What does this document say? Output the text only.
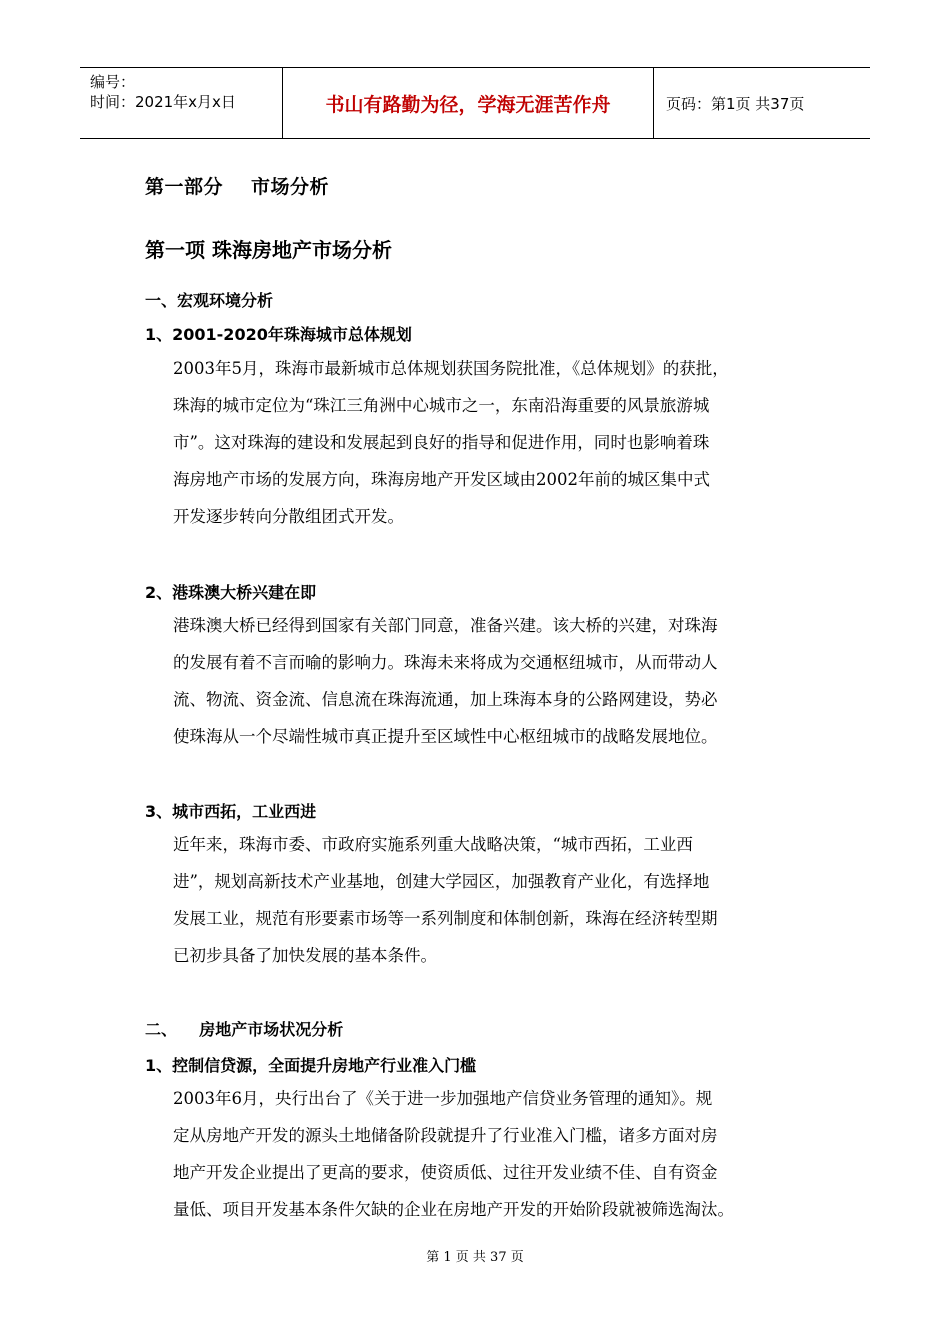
编号：
时间：2021年x月x日	书山有路勤为径，学海无涯苦作舟	页码：第1页 共37页
第一部分 市场分析
第一项 珠海房地产市场分析
一、宏观环境分析
1、2001-2020年珠海城市总体规划
2003年5月，珠海市最新城市总体规划获国务院批准，《总体规划》的获批，
珠海的城市定位为“珠江三角洲中心城市之一，东南沿海重要的风景旅游城
市”。这对珠海的建设和发展起到良好的指导和促进作用，同时也影响着珠
海房地产市场的发展方向，珠海房地产开发区域由2002年前的城区集中式
开发逐步转向分散组团式开发。
2、港珠澳大桥兴建在即
港珠澳大桥已经得到国家有关部门同意，准备兴建。该大桥的兴建，对珠海
的发展有着不言而喻的影响力。珠海未来将成为交通枢纽城市，从而带动人
流、物流、资金流、信息流在珠海流通，加上珠海本身的公路网建设，势必
使珠海从一个尽端性城市真正提升至区域性中心枢纽城市的战略发展地位。
3、城市西拓，工业西进
近年来，珠海市委、市政府实施系列重大战略决策，“城市西拓，工业西
进”，规划高新技术产业基地，创建大学园区，加强教育产业化，有选择地
发展工业，规范有形要素市场等一系列制度和体制创新，珠海在经济转型期
已初步具备了加快发展的基本条件。
二、    房地产市场状况分析
1、控制信贷源，全面提升房地产行业准入门槛
2003年6月，央行出台了《关于进一步加强地产信贷业务管理的通知》。规
定从房地产开发的源头土地储备阶段就提升了行业准入门槛，诸多方面对房
地产开发企业提出了更高的要求，使资质低、过往开发业绩不佳、自有资金
量低、项目开发基本条件欠缺的企业在房地产开发的开始阶段就被筛选淘汰。
第 1 页 共 37 页
